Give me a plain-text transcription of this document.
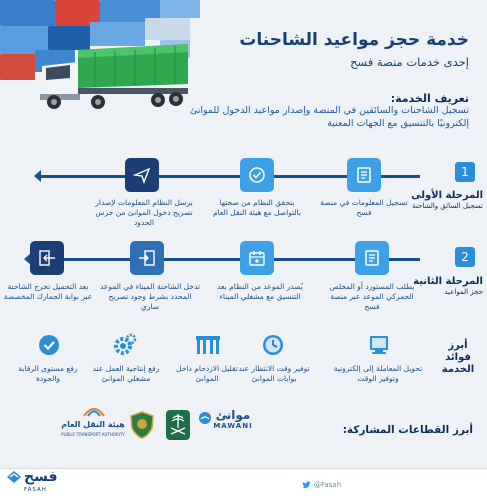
خدمة حجز مواعيد الشاحنات
إحدى خدمات منصة فسح
تعريف الخدمة:
تسجيل الشاحنات والسائقين في المنصة وإصدار مواعيد الدخول للموانئ إلكترونيًا بالتنسيق مع الجهات المعنية
1
المرحلة الأولى
تسجيل السائق والشاحنة
تسجيل المعلومات في منصة فسح
يتحقق النظام من صحتها بالتواصل مع هيئة النقل العام
يرسل النظام المعلومات لإصدار تصريح دخول الموانئ من حرس الحدود
2
المرحلة الثانية
حجز المواعيد
يطلب المستورد أو المخلص الجمركي الموعد عبر منصة فسح
يُصدر الموعد من النظام بعد التنسيق مع مشغلي الميناء
تدخل الشاحنة الميناء في الموعد المحدد بشرط وجود تصريح ساري
بعد التحميل تخرج الشاحنة عبر بوابة الجمارك المخصصة
أبرز
فوائد
الخدمة
تحويل المعاملة إلى إلكترونية وتوفير الوقت
توفير وقت الانتظار عند بوابات الموانئ
تقليل الازدحام داخل الموانئ
رفع إنتاجية العمل عند مشغلي الموانئ
رفع مستوى الرقابة والجودة
أبرز القطاعات المشاركة:
موانئ
MAWANI
هيئة النقل العام
PUBLIC TRANSPORT AUTHORITY
فسح
FASAH
@Fasah
